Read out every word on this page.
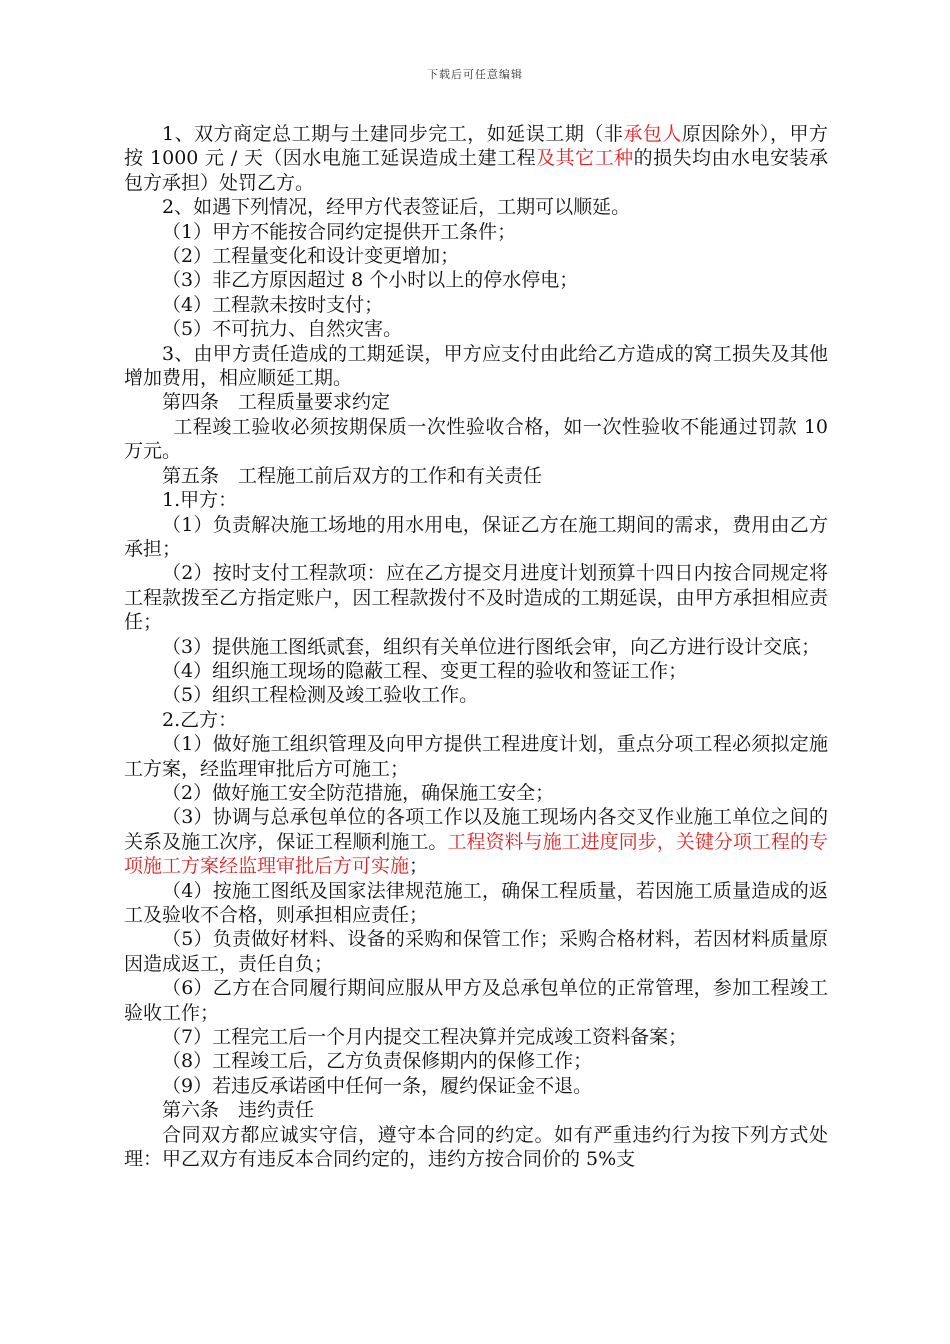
下载后可任意编辑

1、双方商定总工期与土建同步完工，如延误工期（非承包人原因除外），甲方按 1000 元 / 天（因水电施工延误造成土建工程及其它工种的损失均由水电安装承包方承担）处罚乙方。

2、如遇下列情况，经甲方代表签证后，工期可以顺延。

（1）甲方不能按合同约定提供开工条件；

（2）工程量变化和设计变更增加；

（3）非乙方原因超过 8 个小时以上的停水停电；

（4）工程款未按时支付；

（5）不可抗力、自然灾害。

3、由甲方责任造成的工期延误，甲方应支付由此给乙方造成的窝工损失及其他增加费用，相应顺延工期。

第四条　工程质量要求约定

工程竣工验收必须按期保质一次性验收合格，如一次性验收不能通过罚款 10 万元。

第五条　工程施工前后双方的工作和有关责任

1.甲方：

（1）负责解决施工场地的用水用电，保证乙方在施工期间的需求，费用由乙方承担；

（2）按时支付工程款项：应在乙方提交月进度计划预算十四日内按合同规定将工程款拨至乙方指定账户，因工程款拨付不及时造成的工期延误，由甲方承担相应责任；

（3）提供施工图纸贰套，组织有关单位进行图纸会审，向乙方进行设计交底；

（4）组织施工现场的隐蔽工程、变更工程的验收和签证工作；

（5）组织工程检测及竣工验收工作。

2.乙方：

（1）做好施工组织管理及向甲方提供工程进度计划，重点分项工程必须拟定施工方案，经监理审批后方可施工；

（2）做好施工安全防范措施，确保施工安全；

（3）协调与总承包单位的各项工作以及施工现场内各交叉作业施工单位之间的关系及施工次序，保证工程顺利施工。工程资料与施工进度同步，关键分项工程的专项施工方案经监理审批后方可实施；

（4）按施工图纸及国家法律规范施工，确保工程质量，若因施工质量造成的返工及验收不合格，则承担相应责任；

（5）负责做好材料、设备的采购和保管工作；采购合格材料，若因材料质量原因造成返工，责任自负；

（6）乙方在合同履行期间应服从甲方及总承包单位的正常管理，参加工程竣工验收工作；

（7）工程完工后一个月内提交工程决算并完成竣工资料备案；

（8）工程竣工后，乙方负责保修期内的保修工作；

（9）若违反承诺函中任何一条，履约保证金不退。

第六条　违约责任

合同双方都应诚实守信，遵守本合同的约定。如有严重违约行为按下列方式处理：甲乙双方有违反本合同约定的，违约方按合同价的 5%支
